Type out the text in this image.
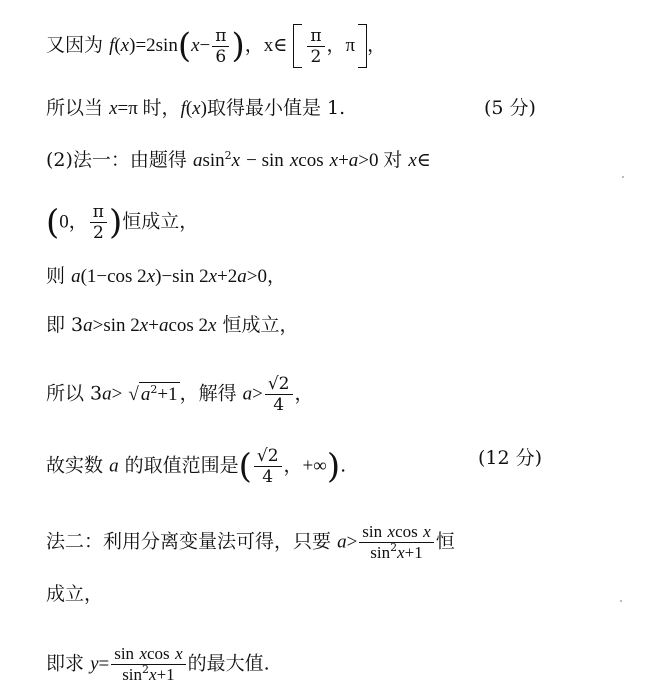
又因为 $f(x)=2\sin(x- \frac{\pi}{6}$ )，x∈ $\frac{\pi}{2}$ ，π ，
所以当 x=π 时，f(x)取得最小值是 1.	(5 分)
(2)法一：由题得 asin$^2$x − sin xcos x+a>0 对 x∈
(0， $\frac{\pi}{2}$ )恒成立，
则 a(1−cos 2x)−sin 2x+2a>0，
即 3a>sin 2x+acos 2x 恒成立，
所以 3a> √ $a^2+1$ ，解得 $a> \frac{√2}{4}$ ，
故实数 a 的取值范围是( $\frac{√2}{4}$ ，+∞).	(12 分)
法二：利用分离变量法可得，只要 $a> \frac{\text{sin xcos x}}{\sin^2x+1}$ 恒
成立，
即求 $y= \frac{\text{sin xcos x}}{\sin^2x+1}$ 的最大值.
